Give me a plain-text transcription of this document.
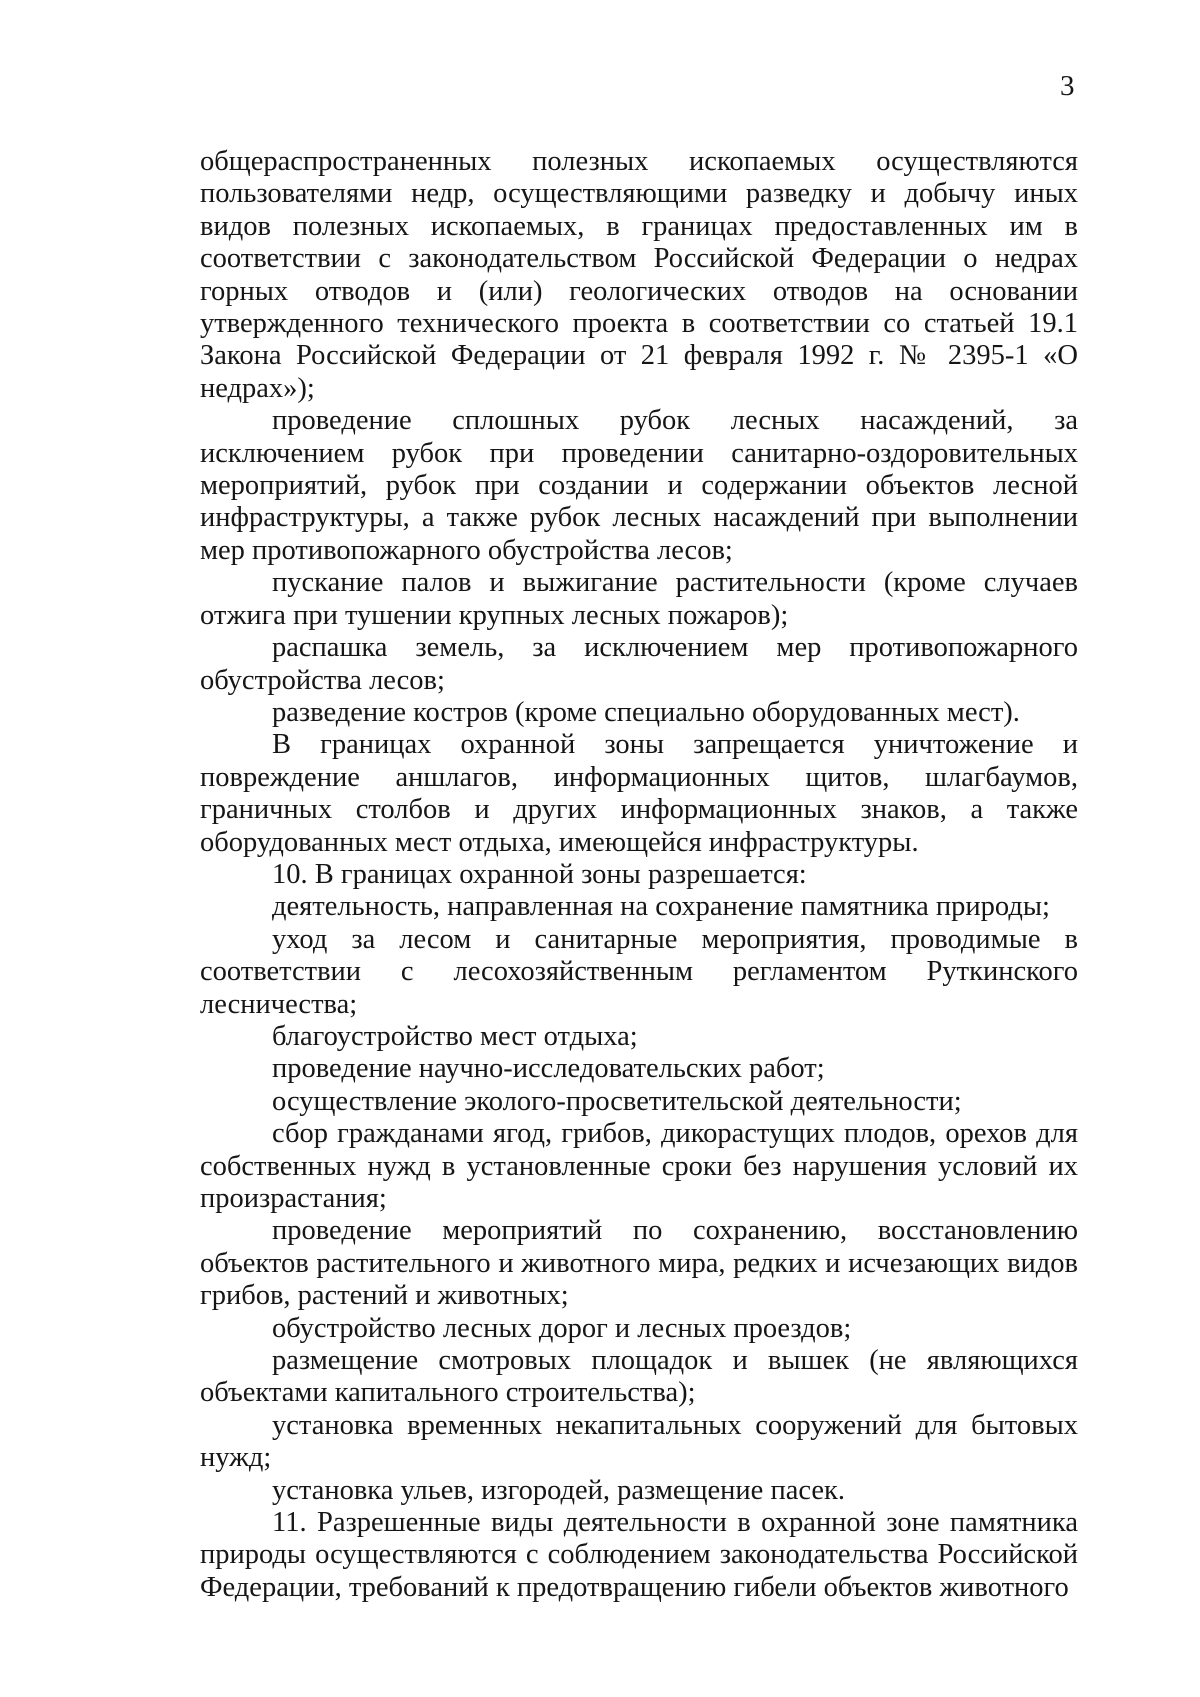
3

общераспространенных полезных ископаемых осуществляются пользователями недр, осуществляющими разведку и добычу иных видов полезных ископаемых, в границах предоставленных им в соответствии с законодательством Российской Федерации о недрах горных отводов и (или) геологических отводов на основании утвержденного технического проекта в соответствии со статьей 19.1 Закона Российской Федерации от 21 февраля 1992 г. № 2395-1 «О недрах»);

проведение сплошных рубок лесных насаждений, за исключением рубок при проведении санитарно-оздоровительных мероприятий, рубок при создании и содержании объектов лесной инфраструктуры, а также рубок лесных насаждений при выполнении мер противопожарного обустройства лесов;

пускание палов и выжигание растительности (кроме случаев отжига при тушении крупных лесных пожаров);

распашка земель, за исключением мер противопожарного обустройства лесов;

разведение костров (кроме специально оборудованных мест).

В границах охранной зоны запрещается уничтожение и повреждение аншлагов, информационных щитов, шлагбаумов, граничных столбов и других информационных знаков, а также оборудованных мест отдыха, имеющейся инфраструктуры.

10. В границах охранной зоны разрешается:

деятельность, направленная на сохранение памятника природы;

уход за лесом и санитарные мероприятия, проводимые в соответствии с лесохозяйственным регламентом Руткинского лесничества;

благоустройство мест отдыха;

проведение научно-исследовательских работ;

осуществление эколого-просветительской деятельности;

сбор гражданами ягод, грибов, дикорастущих плодов, орехов для собственных нужд в установленные сроки без нарушения условий их произрастания;

проведение мероприятий по сохранению, восстановлению объектов растительного и животного мира, редких и исчезающих видов грибов, растений и животных;

обустройство лесных дорог и лесных проездов;

размещение смотровых площадок и вышек (не являющихся объектами капитального строительства);

установка временных некапитальных сооружений для бытовых нужд;

установка ульев, изгородей, размещение пасек.

11. Разрешенные виды деятельности в охранной зоне памятника природы осуществляются с соблюдением законодательства Российской Федерации, требований к предотвращению гибели объектов животного
